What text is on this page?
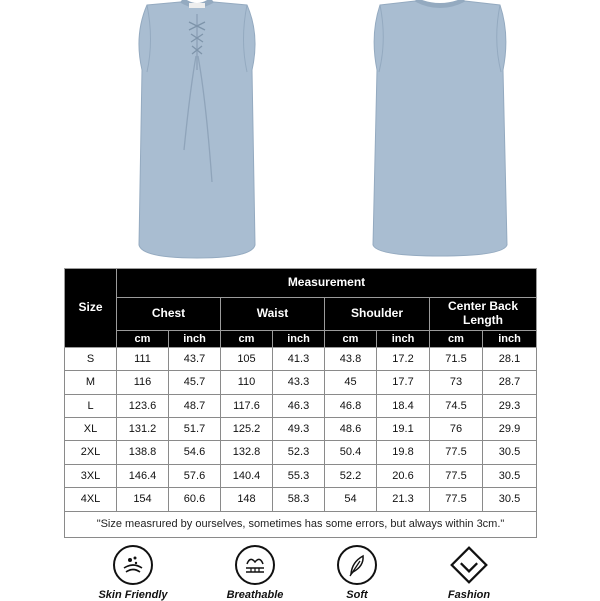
Size	Measurement							
	Chest		Waist		Shoulder		Center Back Length	
	cm	inch	cm	inch	cm	inch	cm	inch
S	111	43.7	105	41.3	43.8	17.2	71.5	28.1
M	116	45.7	110	43.3	45	17.7	73	28.7
L	123.6	48.7	117.6	46.3	46.8	18.4	74.5	29.3
XL	131.2	51.7	125.2	49.3	48.6	19.1	76	29.9
2XL	138.8	54.6	132.8	52.3	50.4	19.8	77.5	30.5
3XL	146.4	57.6	140.4	55.3	52.2	20.6	77.5	30.5
4XL	154	60.6	148	58.3	54	21.3	77.5	30.5
"Size measrured by ourselves, sometimes has some errors, but always within 3cm."								
Skin Friendly	Breathable	Soft	Fashion
